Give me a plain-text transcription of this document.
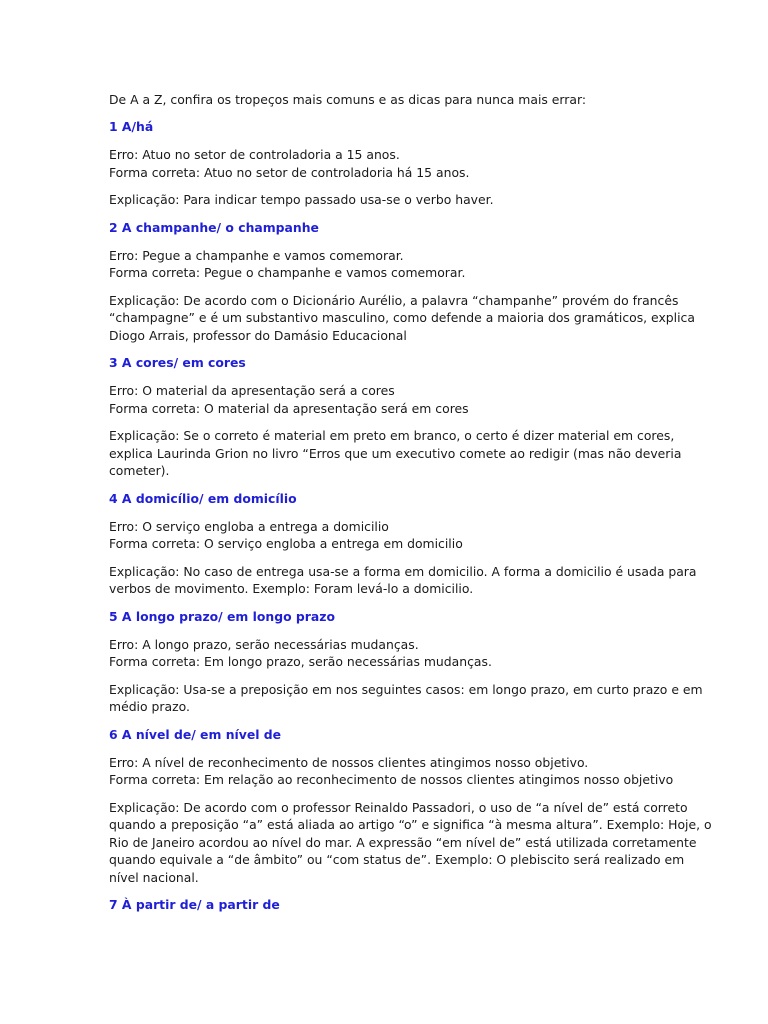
De A a Z, confira os tropeços mais comuns e as dicas para nunca mais errar:

1 A/há

Erro: Atuo no setor de controladoria a 15 anos.
Forma correta: Atuo no setor de controladoria há 15 anos.

Explicação: Para indicar tempo passado usa-se o verbo haver.

2 A champanhe/ o champanhe

Erro: Pegue a champanhe e vamos comemorar.
Forma correta: Pegue o champanhe e vamos comemorar.

Explicação: De acordo com o Dicionário Aurélio, a palavra “champanhe” provém do francês
“champagne” e é um substantivo masculino, como defende a maioria dos gramáticos, explica
Diogo Arrais, professor do Damásio Educacional

3 A cores/ em cores

Erro: O material da apresentação será a cores
Forma correta: O material da apresentação será em cores

Explicação: Se o correto é material em preto em branco, o certo é dizer material em cores,
explica Laurinda Grion no livro “Erros que um executivo comete ao redigir (mas não deveria
cometer).

4 A domicílio/ em domicílio

Erro: O serviço engloba a entrega a domicilio
Forma correta: O serviço engloba a entrega em domicilio

Explicação: No caso de entrega usa-se a forma em domicilio. A forma a domicilio é usada para
verbos de movimento. Exemplo: Foram levá-lo a domicilio.

5 A longo prazo/ em longo prazo

Erro: A longo prazo, serão necessárias mudanças.
Forma correta: Em longo prazo, serão necessárias mudanças.

Explicação: Usa-se a preposição em nos seguintes casos: em longo prazo, em curto prazo e em
médio prazo.

6 A nível de/ em nível de

Erro: A nível de reconhecimento de nossos clientes atingimos nosso objetivo.
Forma correta: Em relação ao reconhecimento de nossos clientes atingimos nosso objetivo

Explicação: De acordo com o professor Reinaldo Passadori, o uso de “a nível de” está correto
quando a preposição “a” está aliada ao artigo “o” e significa “à mesma altura”. Exemplo: Hoje, o
Rio de Janeiro acordou ao nível do mar. A expressão “em nível de” está utilizada corretamente
quando equivale a “de âmbito” ou “com status de”. Exemplo: O plebiscito será realizado em
nível nacional.

7 À partir de/ a partir de
